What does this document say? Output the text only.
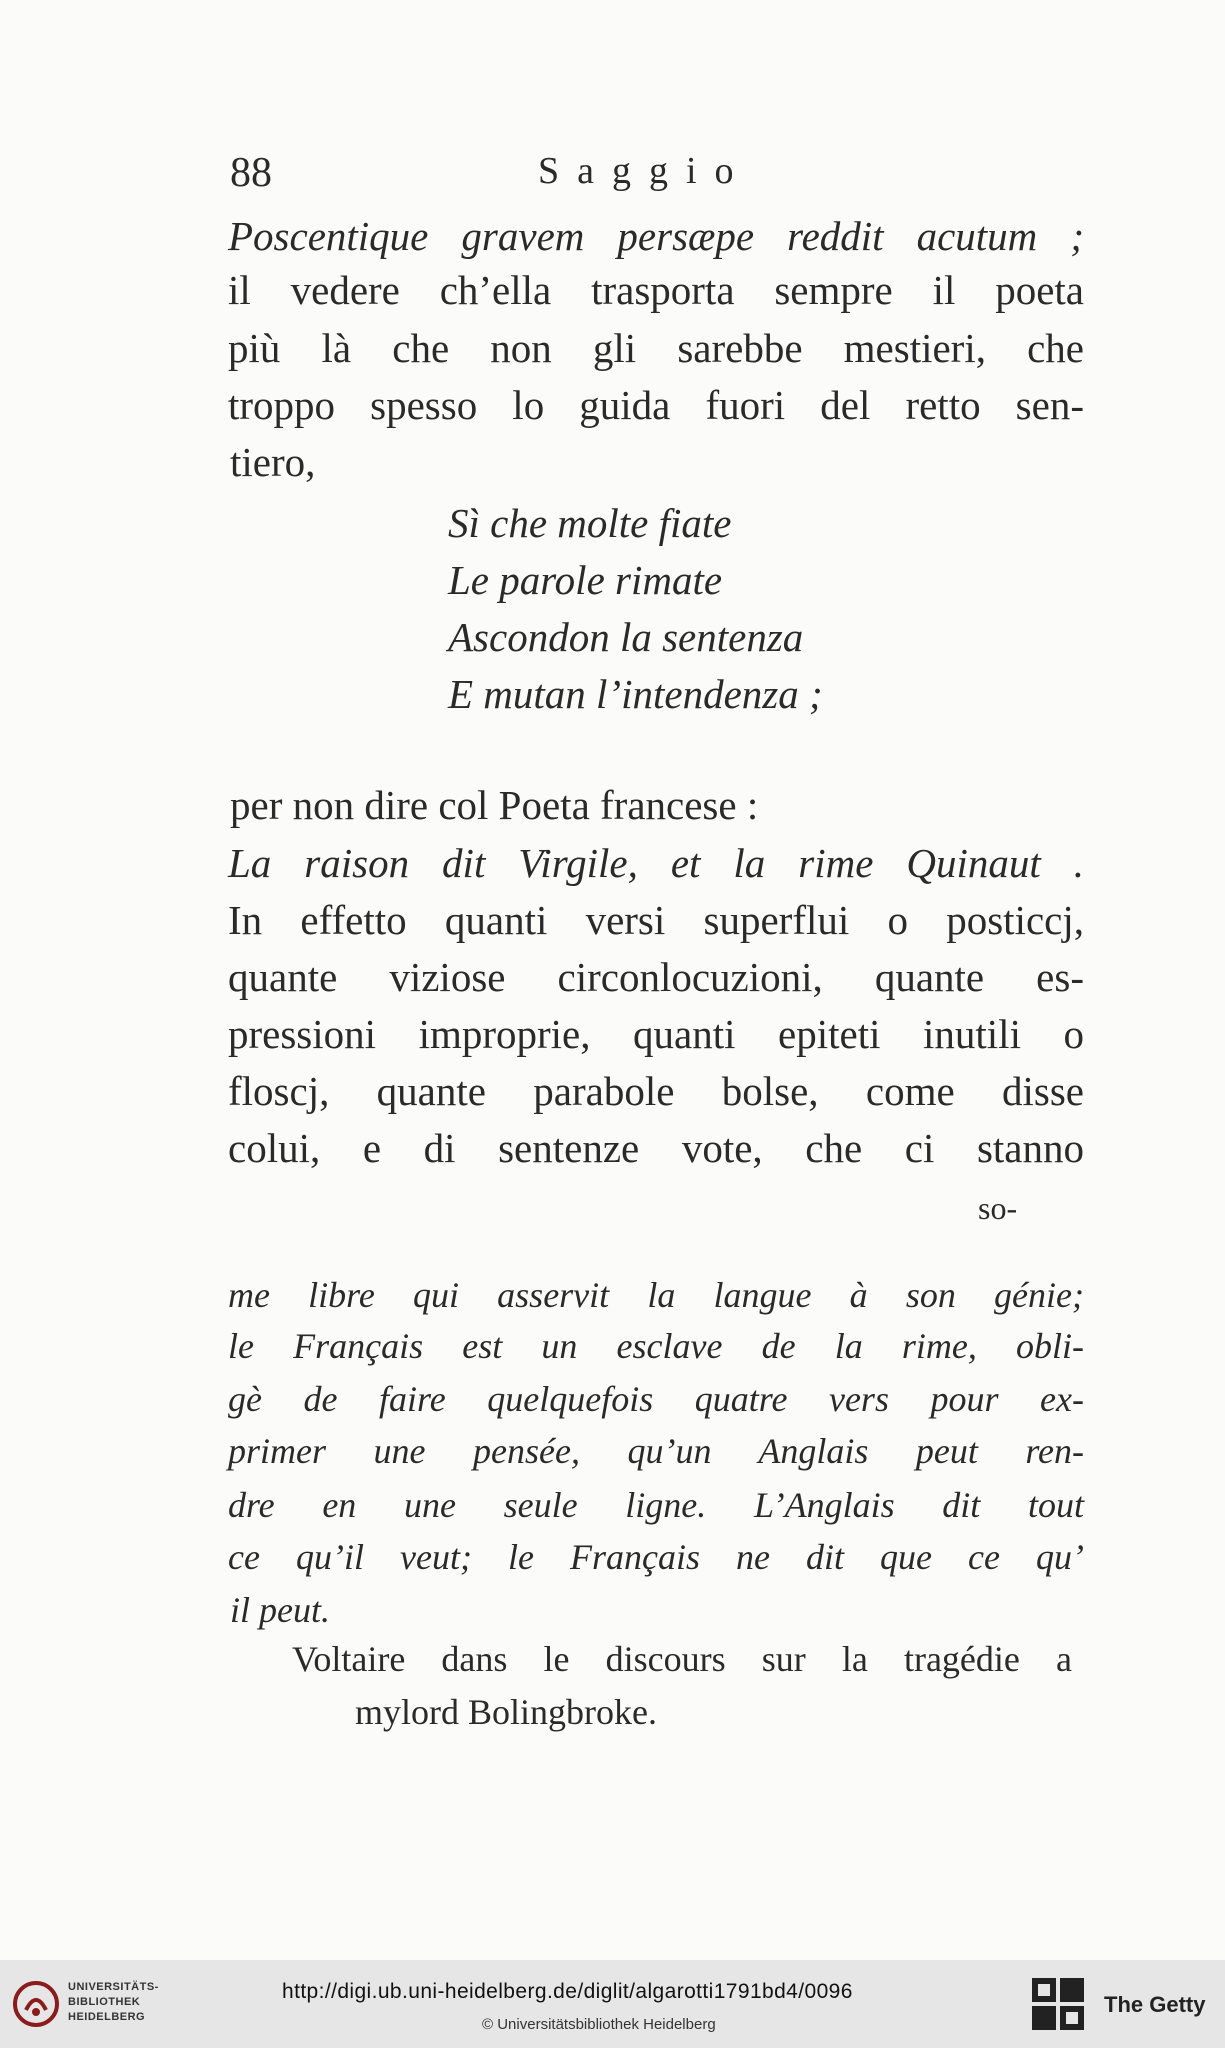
88	Saggio
Poscentique gravem persæpe reddit acutum ;
il vedere ch’ella trasporta sempre il poeta
più là che non gli sarebbe mestieri, che
troppo spesso lo guida fuori del retto sen-
tiero,
Sì che molte fiate
Le parole rimate
Ascondon la sentenza
E mutan l’intendenza ;
per non dire col Poeta francese :
La raison dit Virgile, et la rime Quinaut .
In effetto quanti versi superflui o posticcj,
quante viziose circonlocuzioni, quante es-
pressioni improprie, quanti epiteti inutili o
floscj, quante parabole bolse, come disse
colui, e di sentenze vote, che ci stanno
so-
me libre qui asservit la langue à son génie;
le Français est un esclave de la rime, obli-
gè de faire quelquefois quatre vers pour ex-
primer une pensée, qu’un Anglais peut ren-
dre en une seule ligne. L’Anglais dit tout
ce qu’il veut; le Français ne dit que ce qu’
il peut.
Voltaire dans le discours sur la tragédie a
mylord Bolingbroke.
UNIVERSITÄTS-
BIBLIOTHEK
HEIDELBERG
http://digi.ub.uni-heidelberg.de/diglit/algarotti1791bd4/0096
© Universitätsbibliothek Heidelberg
The Getty
